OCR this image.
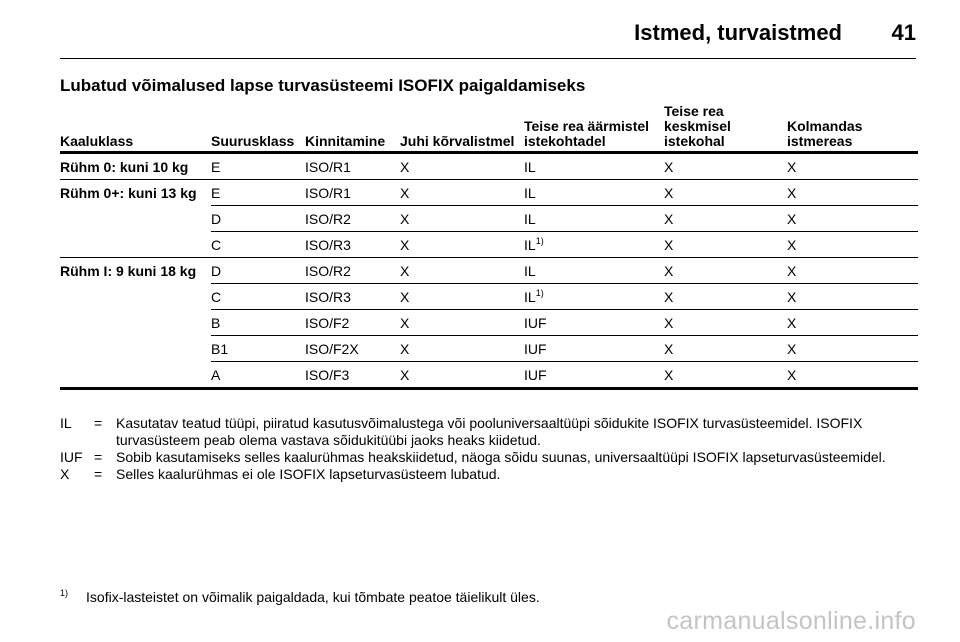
Istmed, turvaistmed 41
Lubatud võimalused lapse turvasüsteemi ISOFIX paigaldamiseks
Kaaluklass	Suurusklass	Kinnitamine	Juhi kõrvalistmel	Teise rea äärmistel istekohtadel	Teise rea keskmisel istekohal	Kolmandas istmereas
Rühm 0: kuni 10 kg	E	ISO/R1	X	IL	X	X
Rühm 0+: kuni 13 kg	E	ISO/R1	X	IL	X	X
	D	ISO/R2	X	IL	X	X
	C	ISO/R3	X	IL$^{1)}$	X	X
Rühm I: 9 kuni 18 kg	D	ISO/R2	X	IL	X	X
	C	ISO/R3	X	IL$^{1)}$	X	X
	B	ISO/F2	X	IUF	X	X
	B1	ISO/F2X	X	IUF	X	X
	A	ISO/F3	X	IUF	X	X
IL	=	Kasutatav teatud tüüpi, piiratud kasutusvõimalustega või pooluniversaaltüüpi sõidukite ISOFIX turvasüsteemidel. ISOFIX turvasüsteem peab olema vastava sõidukitüübi jaoks heaks kiidetud.
IUF	=	Sobib kasutamiseks selles kaalurühmas heakskiidetud, näoga sõidu suunas, universaaltüüpi ISOFIX lapseturvasüsteemidel.
X	=	Selles kaalurühmas ei ole ISOFIX lapseturvasüsteem lubatud.
$^{1)}$ Isofix-lasteistet on võimalik paigaldada, kui tõmbate peatoe täielikult üles.
carmanualsonline.info
